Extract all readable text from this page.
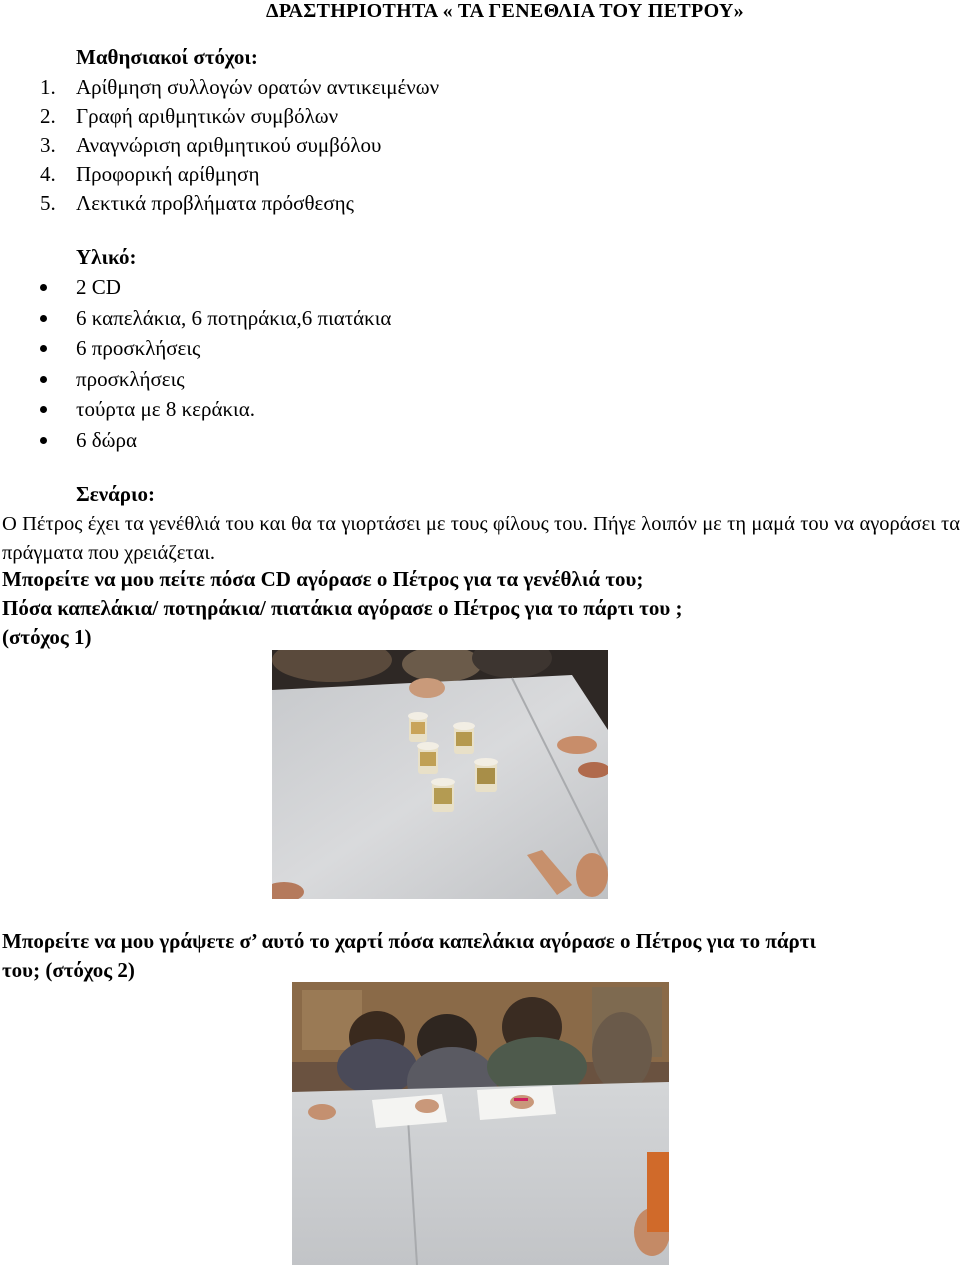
ΔΡΑΣΤΗΡΙΟΤΗΤΑ « ΤΑ ΓΕΝΕΘΛΙΑ ΤΟΥ ΠΕΤΡΟΥ»
Μαθησιακοί στόχοι:
1. Αρίθμηση συλλογών ορατών αντικειμένων
2. Γραφή αριθμητικών συμβόλων
3. Αναγνώριση αριθμητικού συμβόλου
4. Προφορική αρίθμηση
5. Λεκτικά προβλήματα πρόσθεσης
Υλικό:
2 CD
6 καπελάκια, 6 ποτηράκια,6 πιατάκια
6 προσκλήσεις
προσκλήσεις
τούρτα με 8 κεράκια.
6 δώρα
Σενάριο:
Ο Πέτρος έχει τα γενέθλιά του και θα τα γιορτάσει με τους φίλους του. Πήγε λοιπόν με τη μαμά του να αγοράσει τα πράγματα που χρειάζεται.
Μπορείτε να μου πείτε πόσα CD αγόρασε ο Πέτρος για τα γενέθλιά του;
Πόσα καπελάκια/ ποτηράκια/ πιατάκια αγόρασε ο Πέτρος για το πάρτι του ;
(στόχος 1)
Μπορείτε να μου γράψετε σ’ αυτό το χαρτί πόσα καπελάκια αγόρασε ο Πέτρος για το πάρτι
του; (στόχος 2)
